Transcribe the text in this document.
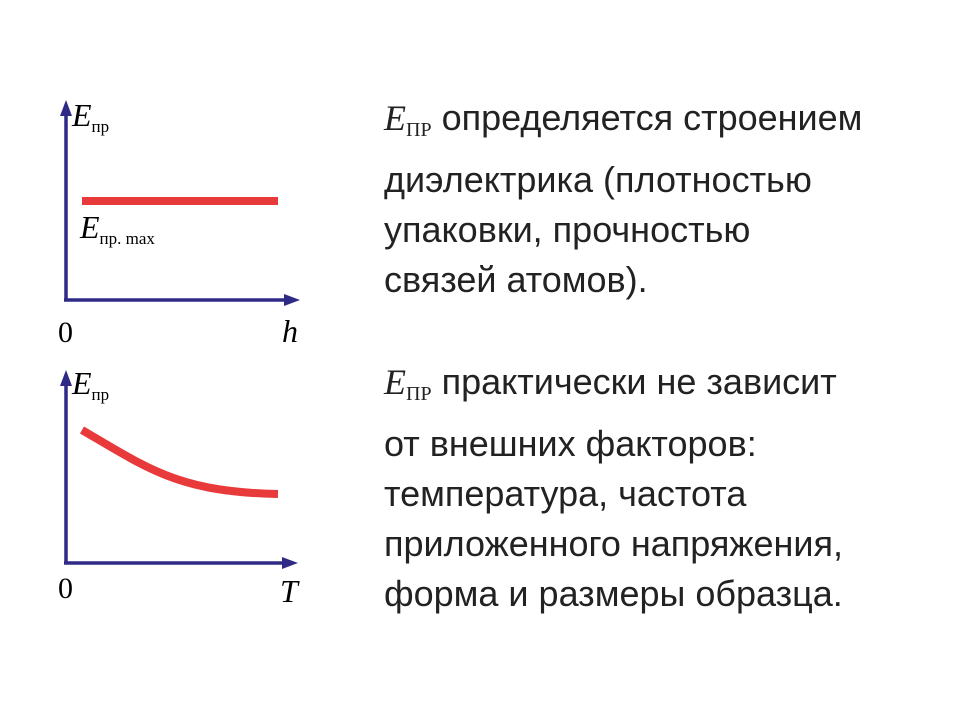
Eпр
Eпр. max
0	h
Eпр
0	T
EПР определяется строением
диэлектрика (плотностью
упаковки, прочностью
связей атомов).
EПР практически не зависит
от внешних факторов:
температура, частота
приложенного напряжения,
форма и размеры образца.
